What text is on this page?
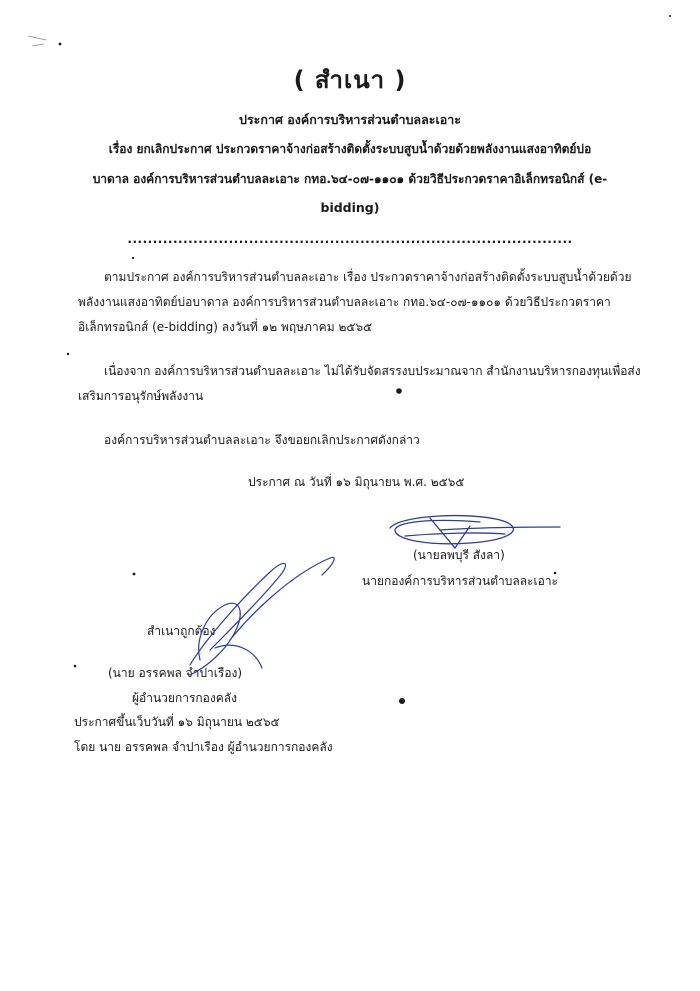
( สำเนา )
ประกาศ องค์การบริหารส่วนตำบลละเอาะ
เรื่อง ยกเลิกประกาศ ประกวดราคาจ้างก่อสร้างติดตั้งระบบสูบน้ำด้วยด้วยพลังงานแสงอาทิตย์บ่อ
บาดาล องค์การบริหารส่วนตำบลละเอาะ กทอ.๖๔-๐๗-๑๑๐๑ ด้วยวิธีประกวดราคาอิเล็กทรอนิกส์ (e-
bidding)
........................................................................................
ตามประกาศ องค์การบริหารส่วนตำบลละเอาะ เรื่อง ประกวดราคาจ้างก่อสร้างติดตั้งระบบสูบน้ำด้วยด้วย
พลังงานแสงอาทิตย์บ่อบาดาล องค์การบริหารส่วนตำบลละเอาะ กทอ.๖๔-๐๗-๑๑๐๑ ด้วยวิธีประกวดราคา
อิเล็กทรอนิกส์ (e-bidding) ลงวันที่ ๑๒ พฤษภาคม ๒๕๖๕
เนื่องจาก องค์การบริหารส่วนตำบลละเอาะ ไม่ได้รับจัดสรรงบประมาณจาก สำนักงานบริหารกองทุนเพื่อส่ง
เสริมการอนุรักษ์พลังงาน
องค์การบริหารส่วนตำบลละเอาะ จึงขอยกเลิกประกาศดังกล่าว
ประกาศ ณ วันที่ ๑๖ มิถุนายน พ.ศ. ๒๕๖๕
(นายลพบุรี สังลา)
นายกองค์การบริหารส่วนตำบลละเอาะ
สำเนาถูกต้อง
(นาย อรรคพล จำปาเรือง)
ผู้อำนวยการกองคลัง
ประกาศขึ้นเว็บวันที่ ๑๖ มิถุนายน ๒๕๖๕
โดย นาย อรรคพล จำปาเรือง ผู้อำนวยการกองคลัง
